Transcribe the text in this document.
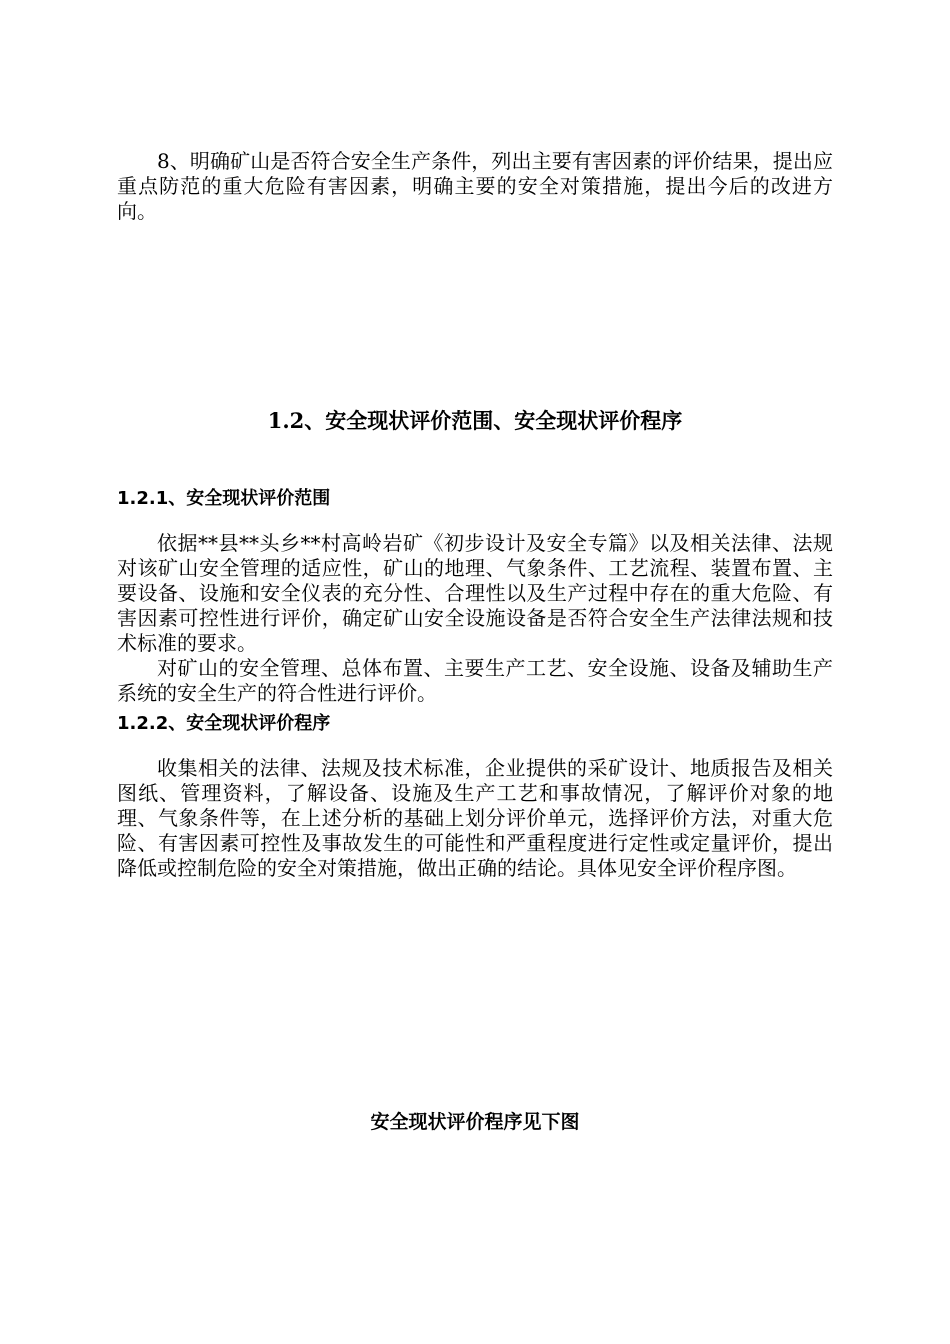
8、明确矿山是否符合安全生产条件，列出主要有害因素的评价结果，提出应重点防范的重大危险有害因素，明确主要的安全对策措施，提出今后的改进方向。

1.2、安全现状评价范围、安全现状评价程序
1.2.1、安全现状评价范围

依据**县**头乡**村高岭岩矿《初步设计及安全专篇》以及相关法律、法规对该矿山安全管理的适应性，矿山的地理、气象条件、工艺流程、装置布置、主要设备、设施和安全仪表的充分性、合理性以及生产过程中存在的重大危险、有害因素可控性进行评价，确定矿山安全设施设备是否符合安全生产法律法规和技术标准的要求。

对矿山的安全管理、总体布置、主要生产工艺、安全设施、设备及辅助生产系统的安全生产的符合性进行评价。

1.2.2、安全现状评价程序

收集相关的法律、法规及技术标准，企业提供的采矿设计、地质报告及相关图纸、管理资料，了解设备、设施及生产工艺和事故情况，了解评价对象的地理、气象条件等，在上述分析的基础上划分评价单元，选择评价方法，对重大危险、有害因素可控性及事故发生的可能性和严重程度进行定性或定量评价，提出降低或控制危险的安全对策措施，做出正确的结论。具体见安全评价程序图。

安全现状评价程序见下图
